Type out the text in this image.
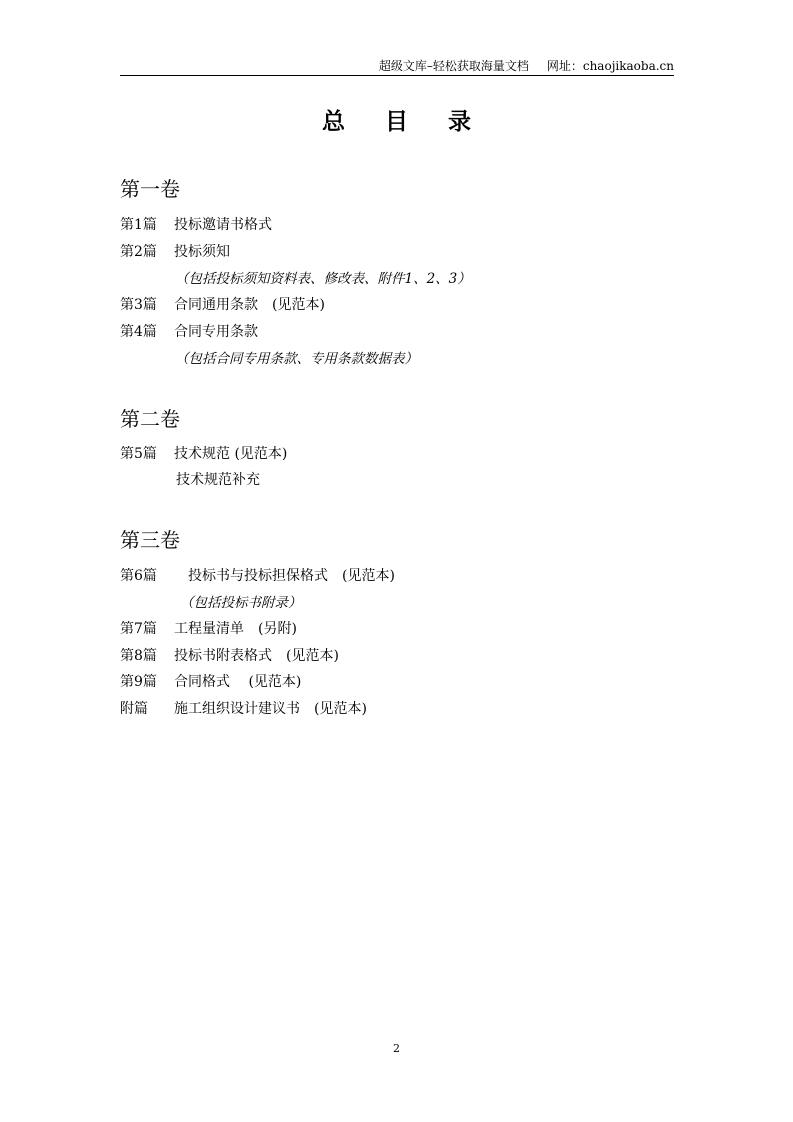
超级文库–轻松获取海量文档 网址：chaojikaoba.cn
总 目 录
第一卷
第1篇 投标邀请书格式
第2篇 投标须知
（包括投标须知资料表、修改表、附件1、2、3）
第3篇 合同通用条款　(见范本)
第4篇 合同专用条款
（包括合同专用条款、专用条款数据表）
第二卷
第5篇 技术规范 (见范本)
技术规范补充
第三卷
第6篇　投标书与投标担保格式　(见范本)
（包括投标书附录）
第7篇 工程量清单　(另附)
第8篇 投标书附表格式　(见范本)
第9篇 合同格式　 (见范本)
附篇 施工组织设计建议书　(见范本)
2
